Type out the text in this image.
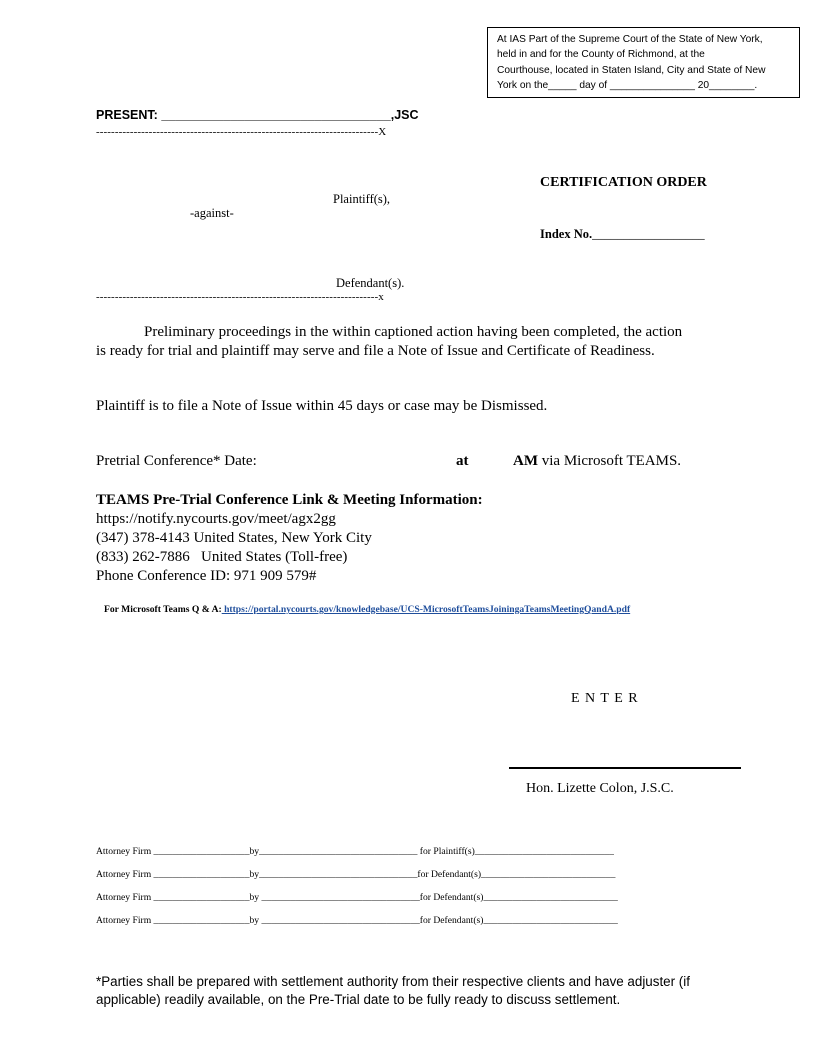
At IAS Part of the Supreme Court of the State of New York,
held in and for the County of Richmond, at the
Courthouse, located in Staten Island, City and State of New
York on the_____ day of _______________ 20________.
PRESENT: _________________________________,JSC
---------------------------------------------------------------------------X
Plaintiff(s),
-against-
Defendant(s).
---------------------------------------------------------------------------x
CERTIFICATION ORDER
Index No.__________________
Preliminary proceedings in the within captioned action having been completed, the action
is ready for trial and plaintiff may serve and file a Note of Issue and Certificate of Readiness.
Plaintiff is to file a Note of Issue within 45 days or case may be Dismissed.
Pretrial Conference* Date:	at	AM via Microsoft TEAMS.
TEAMS Pre-Trial Conference Link & Meeting Information:
https://notify.nycourts.gov/meet/agx2gg
(347) 378-4143 United States, New York City
(833) 262-7886   United States (Toll-free)
Phone Conference ID: 971 909 579#
For Microsoft Teams Q & A: https://portal.nycourts.gov/knowledgebase/UCS-MicrosoftTeamsJoiningaTeamsMeetingQandA.pdf
E N T E R
Hon. Lizette Colon, J.S.C.
Attorney Firm ____________________by_________________________________ for Plaintiff(s)_____________________________
Attorney Firm ____________________by_________________________________for Defendant(s)____________________________
Attorney Firm ____________________by _________________________________for Defendant(s)____________________________
Attorney Firm ____________________by _________________________________for Defendant(s)____________________________
*Parties shall be prepared with settlement authority from their respective clients and have adjuster (if
applicable) readily available, on the Pre-Trial date to be fully ready to discuss settlement.
